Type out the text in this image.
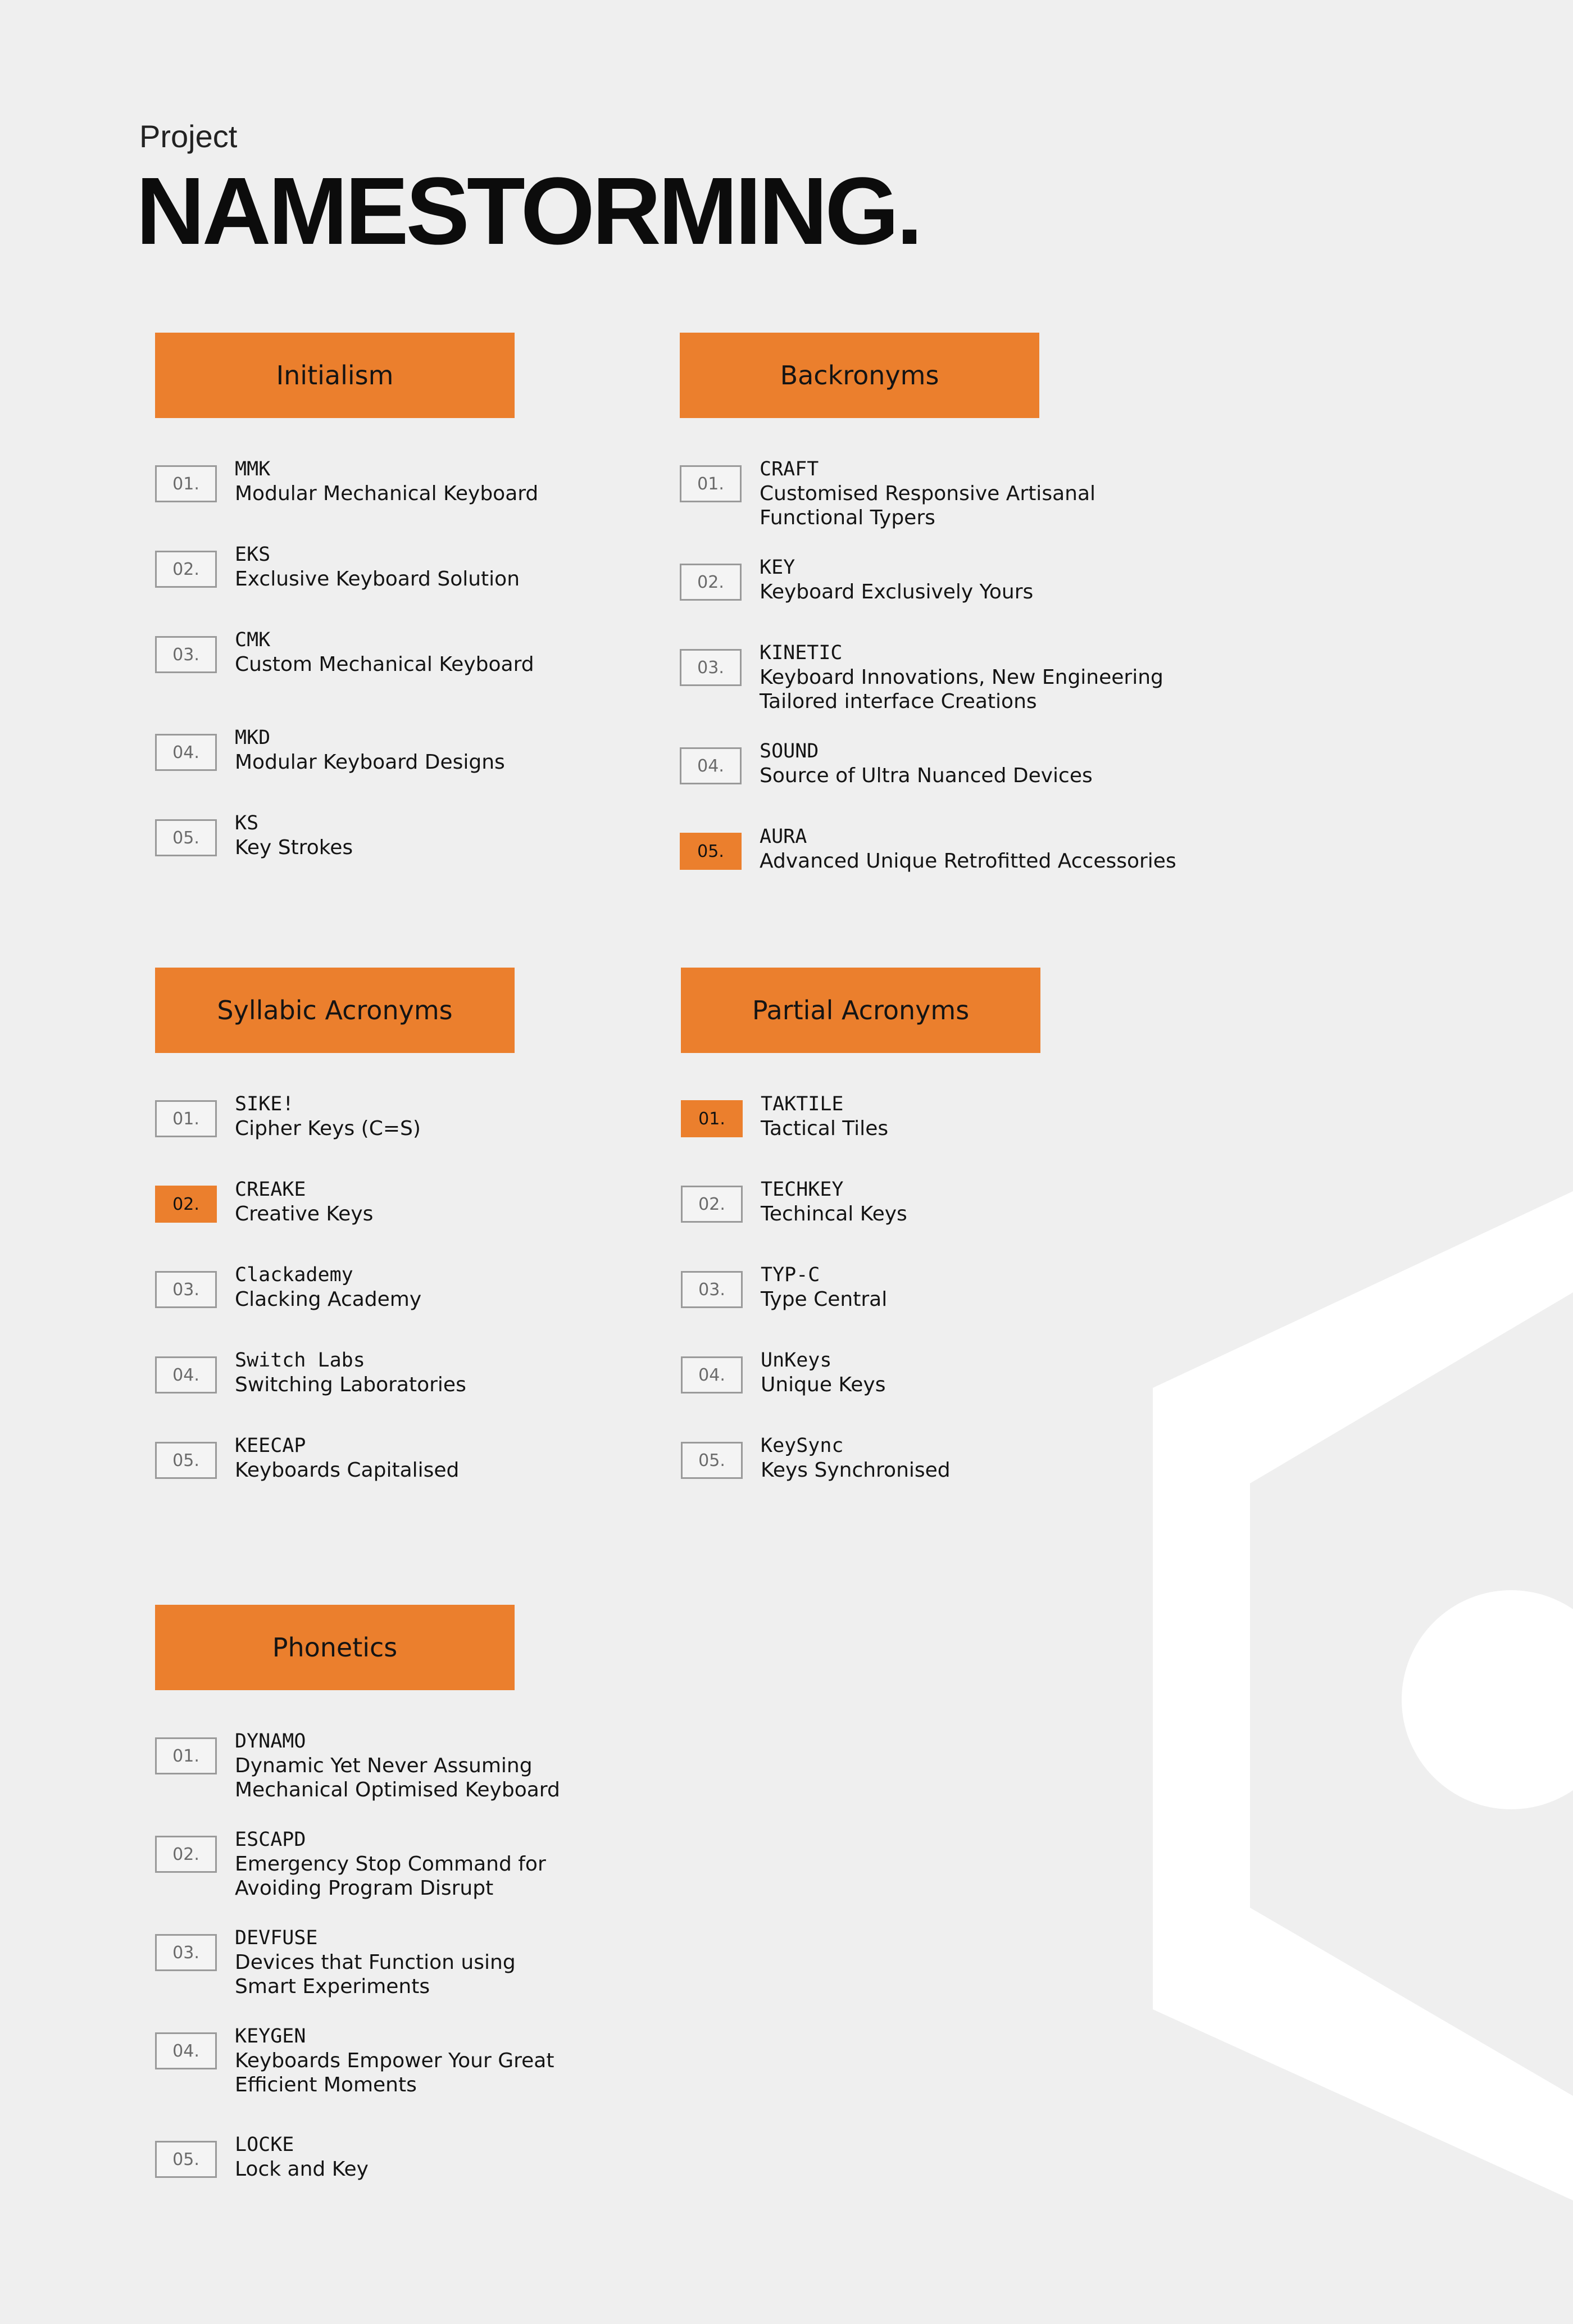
Project
NAMESTORMING.
Initialism
01.
MMK
Modular Mechanical Keyboard
02.
EKS
Exclusive Keyboard Solution
03.
CMK
Custom Mechanical Keyboard
04.
MKD
Modular Keyboard Designs
05.
KS
Key Strokes
Backronyms
01.
CRAFT
Customised Responsive Artisanal
Functional Typers
02.
KEY
Keyboard Exclusively Yours
03.
KINETIC
Keyboard Innovations, New Engineering
Tailored interface Creations
04.
SOUND
Source of Ultra Nuanced Devices
05.
AURA
Advanced Unique Retrofitted Accessories
Syllabic Acronyms
01.
SIKE!
Cipher Keys (C=S)
02.
CREAKE
Creative Keys
03.
Clackademy
Clacking Academy
04.
Switch Labs
Switching Laboratories
05.
KEECAP
Keyboards Capitalised
Partial Acronyms
01.
TAKTILE
Tactical Tiles
02.
TECHKEY
Techincal Keys
03.
TYP-C
Type Central
04.
UnKeys
Unique Keys
05.
KeySync
Keys Synchronised
Phonetics
01.
DYNAMO
Dynamic Yet Never Assuming
Mechanical Optimised Keyboard
02.
ESCAPD
Emergency Stop Command for
Avoiding Program Disrupt
03.
DEVFUSE
Devices that Function using
Smart Experiments
04.
KEYGEN
Keyboards Empower Your Great
Efficient Moments
05.
LOCKE
Lock and Key
